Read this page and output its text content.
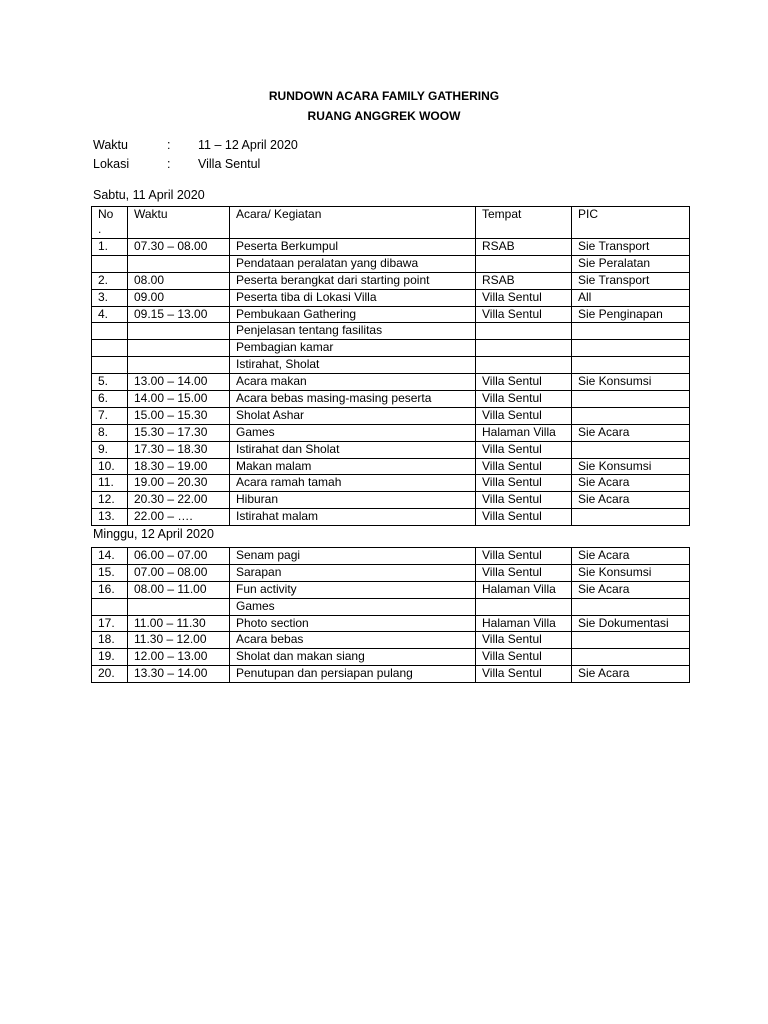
RUNDOWN ACARA FAMILY GATHERING
RUANG ANGGREK WOOW
Waktu	: 11 – 12 April 2020
Lokasi	: Villa Sentul
Sabtu, 11 April 2020
No
.	Waktu	Acara/ Kegiatan	Tempat	PIC
1.	07.30 – 08.00	Peserta Berkumpul	RSAB	Sie Transport
		Pendataan peralatan yang dibawa		Sie Peralatan
2.	08.00	Peserta berangkat dari starting point	RSAB	Sie Transport
3.	09.00	Peserta tiba di Lokasi Villa	Villa Sentul	All
4.	09.15 – 13.00	Pembukaan Gathering	Villa Sentul	Sie Penginapan
		Penjelasan tentang fasilitas		
		Pembagian kamar		
		Istirahat, Sholat		
5.	13.00 – 14.00	Acara makan	Villa Sentul	Sie Konsumsi
6.	14.00 – 15.00	Acara bebas masing-masing peserta	Villa Sentul	
7.	15.00 – 15.30	Sholat Ashar	Villa Sentul	
8.	15.30 – 17.30	Games	Halaman Villa	Sie Acara
9.	17.30 – 18.30	Istirahat dan Sholat	Villa Sentul	
10.	18.30 – 19.00	Makan malam	Villa Sentul	Sie Konsumsi
11.	19.00 – 20.30	Acara ramah tamah	Villa Sentul	Sie Acara
12.	20.30 – 22.00	Hiburan	Villa Sentul	Sie Acara
13.	22.00 – ….	Istirahat malam	Villa Sentul	
Minggu, 12 April 2020
14.	06.00 – 07.00	Senam pagi	Villa Sentul	Sie Acara
15.	07.00 – 08.00	Sarapan	Villa Sentul	Sie Konsumsi
16.	08.00 – 11.00	Fun activity	Halaman Villa	Sie Acara
		Games		
17.	11.00 – 11.30	Photo section	Halaman Villa	Sie Dokumentasi
18.	11.30 – 12.00	Acara bebas	Villa Sentul	
19.	12.00 – 13.00	Sholat dan makan siang	Villa Sentul	
20.	13.30 – 14.00	Penutupan dan persiapan pulang	Villa Sentul	Sie Acara
